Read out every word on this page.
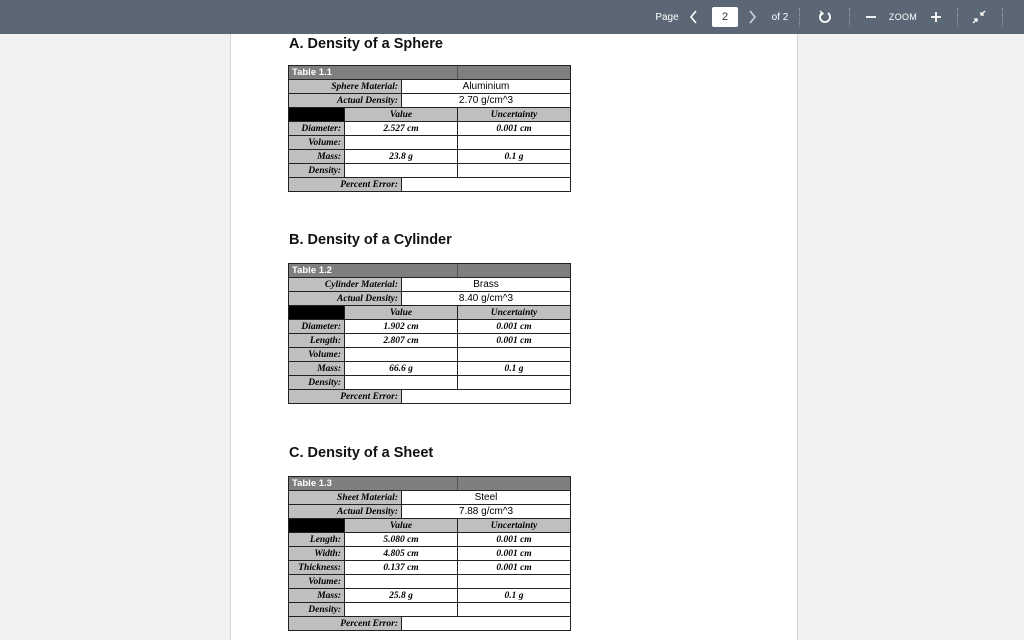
Page	2	of 2	ZOOM
A. Density of a Sphere
Table 1.1			
Sphere Material:		Aluminium	
Actual Density:		2.70 g/cm^3	
	Value		Uncertainty
Diameter:	2.527 cm		0.001 cm
Volume:			
Mass:	23.8 g		0.1 g
Density:			
Percent Error:			
B. Density of a Cylinder
Table 1.2			
Cylinder Material:		Brass	
Actual Density:		8.40 g/cm^3	
	Value		Uncertainty
Diameter:	1.902 cm		0.001 cm
Length:	2.807 cm		0.001 cm
Volume:			
Mass:	66.6 g		0.1 g
Density:			
Percent Error:			
C. Density of a Sheet
Table 1.3			
Sheet Material:		Steel	
Actual Density:		7.88 g/cm^3	
	Value		Uncertainty
Length:	5.080 cm		0.001 cm
Width:	4.805 cm		0.001 cm
Thickness:	0.137 cm		0.001 cm
Volume:			
Mass:	25.8 g		0.1 g
Density:			
Percent Error:			
